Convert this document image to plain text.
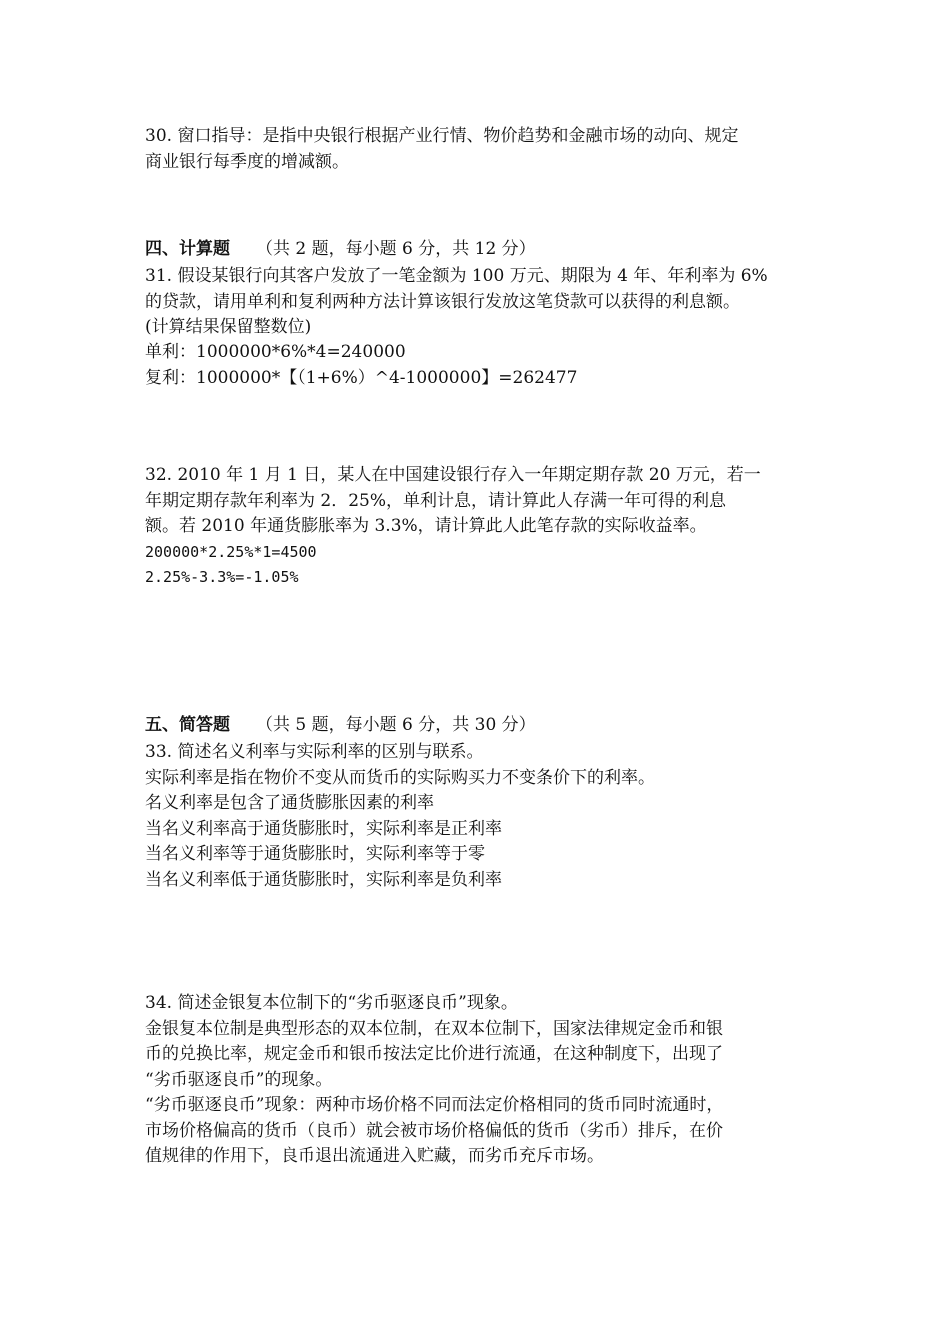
30. 窗口指导：是指中央银行根据产业行情、物价趋势和金融市场的动向、规定
商业银行每季度的增减额。
四、计算题 （共 2 题，每小题 6 分，共 12 分）
31. 假设某银行向其客户发放了一笔金额为 100 万元、期限为 4 年、年利率为 6%
的贷款，请用单利和复利两种方法计算该银行发放这笔贷款可以获得的利息额。
(计算结果保留整数位)
单利：1000000*6%*4=240000
复利：1000000*【（1+6%）^4-1000000】=262477
32. 2010 年 1 月 1 日，某人在中国建设银行存入一年期定期存款 20 万元，若一
年期定期存款年利率为 2．25%，单利计息，请计算此人存满一年可得的利息
额。若 2010 年通货膨胀率为 3.3%，请计算此人此笔存款的实际收益率。
200000*2.25%*1=4500
2.25%-3.3%=-1.05%
五、简答题 （共 5 题，每小题 6 分，共 30 分）
33. 简述名义利率与实际利率的区别与联系。
实际利率是指在物价不变从而货币的实际购买力不变条价下的利率。
名义利率是包含了通货膨胀因素的利率
当名义利率高于通货膨胀时，实际利率是正利率
当名义利率等于通货膨胀时，实际利率等于零
当名义利率低于通货膨胀时，实际利率是负利率
34. 简述金银复本位制下的“劣币驱逐良币”现象。
金银复本位制是典型形态的双本位制，在双本位制下，国家法律规定金币和银
币的兑换比率，规定金币和银币按法定比价进行流通，在这种制度下，出现了
“劣币驱逐良币”的现象。
“劣币驱逐良币”现象：两种市场价格不同而法定价格相同的货币同时流通时，
市场价格偏高的货币（良币）就会被市场价格偏低的货币（劣币）排斥，在价
值规律的作用下，良币退出流通进入贮藏，而劣币充斥市场。
